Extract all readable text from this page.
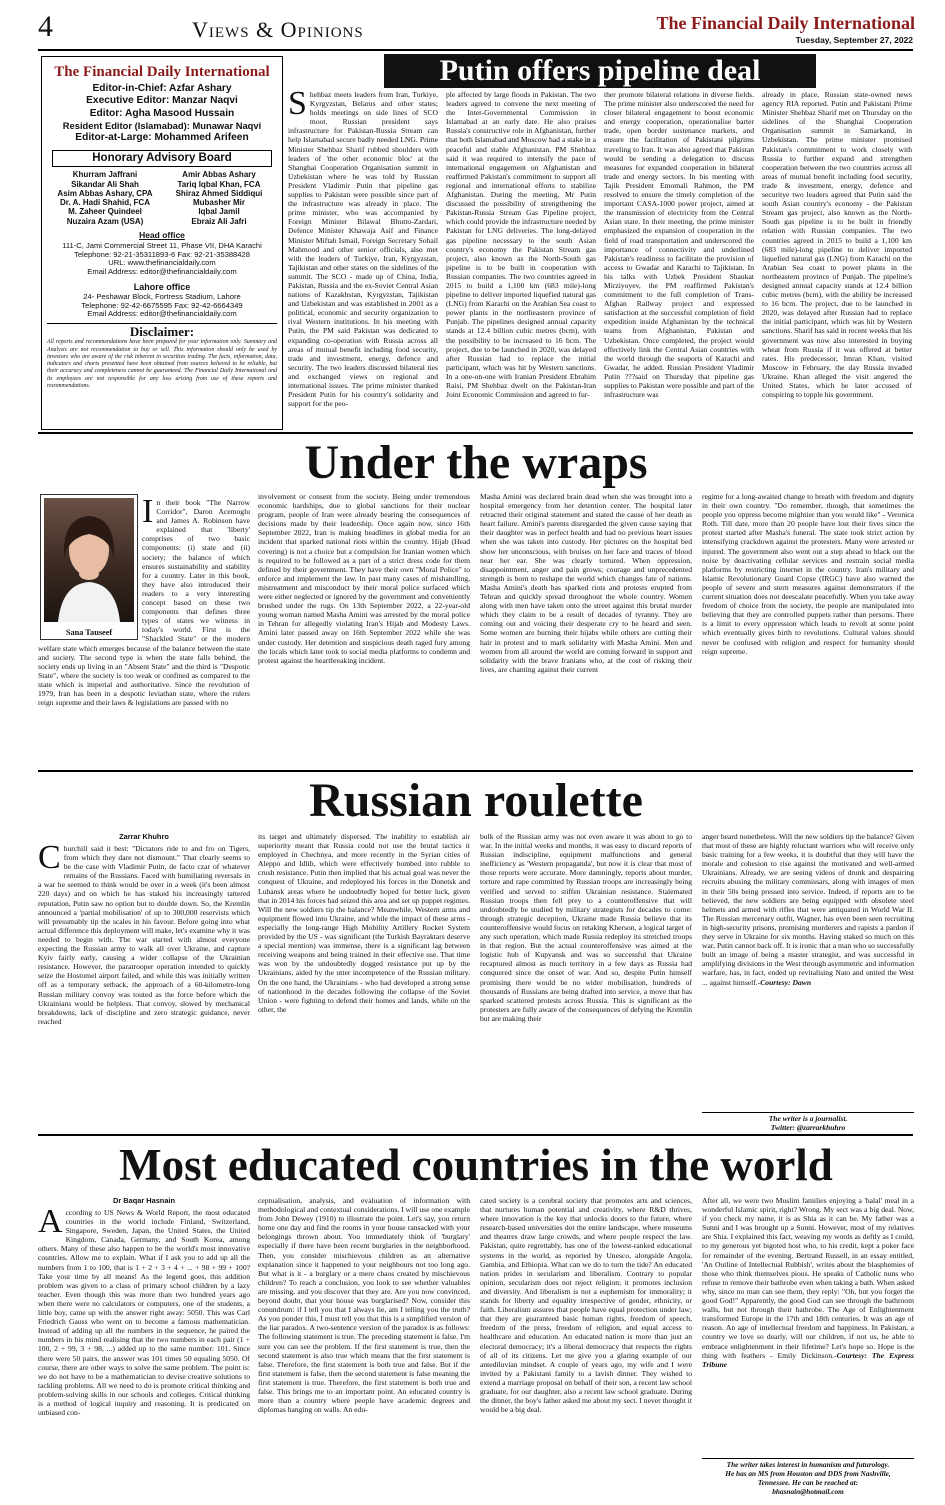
4	Views & Opinions	The Financial Daily International
Tuesday, September 27, 2022
The Financial Daily International
Editor-in-Chief: Azfar Ashary
Executive Editor: Manzar Naqvi
Editor: Agha Masood Hussain
Resident Editor (Islamabad): Munawar Naqvi
Editor-at-Large: Mohammed Arifeen
Honorary Advisory Board
Khurram Jaffrani
Sikandar Ali Shah
Asim Abbas Ashary, CPA
Dr. A. Hadi Shahid, FCA
M. Zaheer Quindeel
Nuzaira Azam (USA)
Amir Abbas Ashary
Tariq Iqbal Khan, FCA
Shiraz Ahmed Siddiqui
Mubasher Mir
Iqbal Jamil
Ebraiz Ali Jafri
Head office
111-C, Jami Commercial Street 11, Phase VII, DHA Karachi
Telephone: 92-21-35311893-6 Fax: 92-21-35388428
URL: www.thefinancialdaily.com
Email Address: editor@thefinancialdaily.com
Lahore office
24- Peshawar Block, Fortress Stadium, Lahore
Telephone: 92-42-6675595 Fax: 92-42-6664349
Email Address: editor@thefinancialdaily.com
Disclaimer:
All reports and recommendations have been prepared for your information only. Summary and Analysis are not recommendation to buy or sell. This information should only be used by investors who are aware of the risk inherent in securities trading. The facts, information, data, indicators and charts presented have been obtained from sources believed to be reliable, but their accuracy and completeness cannot be guaranteed. The Financial Daily International and its employees are not responsible for any loss arising from use of these reports and recommendations.
Putin offers pipeline deal
Shehbaz meets leaders from Iran, Turkiye, Kyrgyzstan, Belarus and other states; holds meetings on side lines of SCO moot. Russian president says infrastructure for Pakistan-Russia Stream can help Islamabad secure badly needed LNG. Prime Minister Shehbaz Sharif rubbed shoulders with leaders of 'the other economic bloc' at the Shanghai Cooperation Organisation summit in Uzbekistan where he was told by Russian President Vladimir Putin that pipeline gas supplies to Pakistan were possible since part of the infrastructure was already in place. The prime minister, who was accompanied by Foreign Minister Bilawal Bhutto-Zardari, Defence Minister Khawaja Asif and Finance Minister Miftah Ismail, Foreign Secretary Sohail Mahmood and other senior officials, also met with the leaders of Turkiye, Iran, Kyrgyzstan, Tajikistan and other states on the sidelines of the summit. The SCO - made up of China, India, Pakistan, Russia and the ex-Soviet Central Asian nations of Kazakhstan, Kyrgyzstan, Tajikistan and Uzbekistan and was established in 2001 as a political, economic and security organization to rival Western institutions. In his meeting with Putin, the PM said Pakistan was dedicated to expanding co-operation with Russia across all areas of mutual benefit including food security, trade and investment, energy, defence and security. The two leaders discussed bilateral ties and exchanged views on regional and international issues. The prime minister thanked President Putin for his country's solidarity and support for the peo-
ple affected by large floods in Pakistan. The two leaders agreed to convene the next meeting of the Inter-Governmental Commission in Islamabad at an early date. He also praises Russia's constructive role in Afghanistan, further that both Islamabad and Moscow had a stake in a peaceful and stable Afghanistan. PM Shehbaz said it was required to intensify the pace of international engagement on Afghanistan and reaffirmed Pakistan's commitment to support all regional and international efforts to stabilize Afghanistan. During the meeting, Mr Putin discussed the possibility of strengthening the Pakistan-Russia Stream Gas Pipeline project, which could provide the infrastructure needed by Pakistan for LNG deliveries. The long-delayed gas pipeline necessary to the south Asian country's economy the Pakistan Stream gas project, also known as the North-South gas pipeline is to be built in cooperation with Russian companies. The two countries agreed in 2015 to build a 1,100 km (683 mile)-long pipeline to deliver imported liquefied natural gas (LNG) from Karachi on the Arabian Sea coast to power plants in the northeastern province of Punjab. The pipelines designed annual capacity stands at 12.4 billion cubic metres (bcm), with the possibility to be increased to 16 bcm. The project, due to be launched in 2020, was delayed after Russian had to replace the initial participant, which was hit by Western sanctions. In a one-on-one with Iranian President Ebrahim Raisi, PM Shehbaz dwelt on the Pakistan-Iran Joint Economic Commission and agreed to fur-
ther promote bilateral relations in diverse fields. The prime minister also underscored the need for closer bilateral engagement to boost economic and energy cooperation, operationalise barter trade, open border sustenance markets, and ensure the facilitation of Pakistani pilgrims traveling to Iran. It was also agreed that Pakistan would be sending a delegation to discuss measures for expanded cooperation in bilateral trade and energy sectors. In his meeting with Tajik President Emomali Rahmon, the PM resolved to ensure the timely completion of the important CASA-1000 power project, aimed at the transmission of electricity from the Central Asian state. In their meeting, the prime minister emphasized the expansion of cooperation in the field of road transportation and underscored the importance of connectivity and underlined Pakistan's readiness to facilitate the provision of access to Gwadar and Karachi to Tajikistan. In his talks with Uzbek President Shaukat Mirziyoyev, the PM reaffirmed Pakistan's commitment to the full completion of Trans-Afghan Railway project and expressed satisfaction at the successful completion of field expedition inside Afghanistan by the technical teams from Afghanistan, Pakistan and Uzbekistan. Once completed, the project would effectively link the Central Asian countries with the world through the seaports of Karachi and Gwadar, he added. Russian President Vladimir Putin ???said on Thursday that pipeline gas supplies to Pakistan were possible and part of the infrastructure was
already in place, Russian state-owned news agency RIA reported. Putin and Pakistani Prime Minister Shehbaz Sharif met on Thursday on the sidelines of the Shanghai Cooperation Organisation summit in Samarkand, in Uzbekistan. The prime minister promised Pakistan's commitment to work closely with Russia to further expand and strengthen cooperation between the two countries across all areas of mutual benefit including food security, trade & investment, energy, defence and securitye two leaders agreed that Putin said the south Asian country's economy - the Pakistan Stream gas project, also known as the North-South gas pipeline is to be built in friendly relation with Russian companies. The two countries agreed in 2015 to build a 1,100 km (683 mile)-long pipeline to deliver imported liquefied natural gas (LNG) from Karachi on the Arabian Sea coast to power plants in the northeastern province of Punjab. The pipeline's designed annual capacity stands at 12.4 billion cubic metres (bcm), with the ability be increased to 16 bcm. The project, due to be launched in 2020, was delayed after Russian had to replace the initial participant, which was hit by Western sanctions. Sharif has said in recent weeks that his government was now also interested in buying wheat from Russia if it was offered at better rates. His predecessor, Imran Khan, visited Moscow in February, the day Russia invaded Ukraine. Khan alleged the visit angered the United States, which he later accused of conspiring to topple his government.
Under the wraps
Sana Tauseef
In their book "The Narrow Corridor", Daron Acemoglu and James A. Robinson have explained that 'liberty' comprises of two basic components: (i) state and (ii) society; the balance of which ensures sustainability and stability for a country. Later in this book, they have also introduced their readers to a very interesting concept based on these two components that defines three types of states we witness in today's world. First is the "Shackled State" or the modern welfare state which emerges because of the balance between the state and society. The second type is when the state falls behind, the society ends up living in an "Absent State" and the third is "Despotic State", where the society is too weak or confined as compared to the state which is imperial and authoritative. Since the revolution of 1979, Iran has been in a despotic leviathan state, where the rulers reign supreme and their laws & legislations are passed with no
involvement or consent from the society. Being under tremendous economic hardships, due to global sanctions for their nuclear program, people of Iran were already bearing the consequences of decisions made by their leadership. Once again now, since 16th September 2022, Iran is making headlines in global media for an incident that sparked national riots within the country. Hijab (Head covering) is not a choice but a compulsion for Iranian women which is required to be followed as a part of a strict dress code for them defined by their government. They have their own "Moral Police" to enforce and implement the law. In past many cases of mishandling, mistreatment and misconduct by their moral police surfaced which were either neglected or ignored by the government and conveniently brushed under the rugs. On 13th September 2022, a 22-year-old young woman named Masha Amini was arrested by the moral police in Tehran for allegedly violating Iran's Hijab and Modesty Laws. Amini later passed away on 16th September 2022 while she was under custody. Her detention and suspicious death raged fury among the locals which later took to social media platforms to condemn and protest against the heartbreaking incident.
Masha Amini was declared brain dead when she was brought into a hospital emergency from her detention center. The hospital later retracted their original statement and stated the cause of her death as heart failure. Amini's parents disregarded the given cause saying that their daughter was in perfect health and had no previous heart issues when she was taken into custody. Her pictures on the hospital bed show her unconscious, with bruises on her face and traces of blood near her ear. She was clearly tortured. When oppression, disappointment, anger and pain grows; courage and unprecedented strength is born to reshape the world which changes fate of nations. Masha Amini's death has sparked riots and protests erupted from Tehran and quickly spread throughout the whole country. Women along with men have taken onto the street against this brutal murder which they claim to be a result of decades of tyranny. They are coming out and voicing their desperate cry to be heard and seen. Some women are burning their hijabs while others are cutting their hair in protest and to mark solidarity with Masha Amini. Men and women from all around the world are coming forward in support and solidarity with the brave Iranians who, at the cost of risking their lives, are chanting against their current
regime for a long-awaited change to breath with freedom and dignity in their own country. "Do remember, though, that sometimes the people you oppress become mightier than you would like" - Veronica Roth. Till date, more than 20 people have lost their lives since the protest started after Masha's funeral. The state took strict action by intensifying crackdown against the protesters. Many were arrested or injured. The government also went out a step ahead to black out the noise by deactivating cellular services and restrain social media platforms by restricting internet in the country. Iran's military and Islamic Revolutionary Guard Copse (IRGC) have also warned the people of severe and stern measures against demonstrators if the current situation does not deescalate peacefully. When you take away freedom of choice from the society, the people are manipulated into believing that they are controlled puppets rather than persons. There is a limit to every oppression which leads to revolt at some point which eventually gives birth to revolutions. Cultural values should never be confused with religion and respect for humanity should reign supreme.
Russian roulette
Zarrar Khuhro
Churchill said it best: "Dictators ride to and fro on Tigers, from which they dare not dismount." That clearly seems to be the case with Vladimir Putin, de facto czar of whatever remains of the Russians. Faced with humiliating reversals in a war he seemed to think would be over in a week (it's been almost 220 days) and on which he has staked his increasingly tattered reputation, Putin saw no option but to double down. So, the Kremlin announced a 'partial mobilisation' of up to 300,000 reservists which will presumably tip the scales in his favour. Before going into what actual difference this deployment will make, let's examine why it was needed to begin with. The war started with almost everyone expecting the Russian army to walk all over Ukraine, and capture Kyiv fairly early, causing a wider collapse of the Ukrainian resistance. However, the paratrooper operation intended to quickly seize the Hostomel airport failed, and while this was initially written off as a temporary setback, the approach of a 60-kilometre-long Russian military convoy was touted as the force before which the Ukrainians would be helpless. That convoy, slowed by mechanical breakdowns, lack of discipline and zero strategic guidance, never reached
its target and ultimately dispersed. The inability to establish air superiority meant that Russia could not use the brutal tactics it employed in Chechnya, and more recently in the Syrian cities of Aleppo and Idlib, which were effectively bombed into rubble to crush resistance. Putin then implied that his actual goal was never the conquest of Ukraine, and redeployed his forces in the Donetsk and Luhansk areas where he undoubtedly hoped for better luck, given that in 2014 his forces had seized this area and set up puppet regimes. Will the new soldiers tip the balance? Meanwhile, Western arms and equipment flowed into Ukraine, and while the impact of these arms - especially the long-range High Mobility Artillery Rocket System provided by the US - was significant (the Turkish Bayraktars deserve a special mention) was immense, there is a significant lag between receiving weapons and being trained in their effective use. That time was won by the undoubtedly dogged resistance put up by the Ukrainians, aided by the utter incompetence of the Russian military. On the one hand, the Ukrainians - who had developed a strong sense of nationhood in the decades following the collapse of the Soviet Union - were fighting to defend their homes and lands, while on the other, the
bulk of the Russian army was not even aware it was about to go to war. In the initial weeks and months, it was easy to discard reports of Russian indiscipline, equipment malfunctions and general inefficiency as 'Western propaganda', but now it is clear that most of those reports were accurate. More damningly, reports about murder, torture and rape committed by Russian troops are increasingly being verified and served to stiffen Ukrainian resistance. Stalemated Russian troops then fell prey to a counteroffensive that will undoubtedly be studied by military strategists for decades to come: through strategic deception, Ukraine made Russia believe that its counteroffensive would focus on retaking Kherson, a logical target of any such operation, which made Russia redeploy its stretched troops in that region. But the actual counteroffensive was aimed at the logistic hub of Kupyansk and was so successful that Ukraine recaptured almost as much territory in a few days as Russia had conquered since the onset of war. And so, despite Putin himself promising there would be no wider mobilisation, hundreds of thousands of Russians are being drafted into service, a move that has sparked scattered protests across Russia. This is significant as the protesters are fully aware of the consequences of defying the Kremlin but are making their
anger heard nonetheless. Will the new soldiers tip the balance? Given that most of these are highly reluctant warriors who will receive only basic training for a few weeks, it is doubtful that they will have the morale and cohesion to rise against the motivated and well-armed Ukrainians. Already, we are seeing videos of drunk and despairing recruits abusing the military commissars, along with images of men in their 50s being pressed into service. Indeed, if reports are to be believed, the new soldiers are being equipped with obsolete steel helmets and armed with rifles that were antiquated in World War II. The Russian mercenary outfit, Wagner, has even been seen recruiting in high-security prisons, promising murderers and rapists a pardon if they serve in Ukraine for six months. Having staked so much on this war, Putin cannot back off. It is ironic that a man who so successfully built an image of being a master strategist, and was successful in amplifying divisions in the West through asymmetric and information warfare, has, in fact, ended up revitalising Nato and united the West ... against himself.-Courtesy: Dawn
The writer is a journalist.
Twitter: @zarrarkhuhro
Most educated countries in the world
Dr Baqar Hasnain
According to US News & World Report, the most educated countries in the world include Finland, Switzerland, Singapore, Sweden, Japan, the United States, the United Kingdom, Canada, Germany, and South Korea, among others. Many of these also happen to be the world's most innovative countries. Allow me to explain. What if I ask you to add up all the numbers from 1 to 100, that is 1 + 2 + 3 + 4 + ... + 98 + 99 + 100? Take your time by all means! As the legend goes, this addition problem was given to a class of primary school children by a lazy teacher. Even though this was more than two hundred years ago when there were no calculators or computers, one of the students, a little boy, came up with the answer right away: 5050. This was Carl Friedrich Gauss who went on to become a famous mathematician. Instead of adding up all the numbers in the sequence, he paired the numbers in his mind realising that the two numbers in each pair (1 + 100, 2 + 99, 3 + 98, ...) added up to the same number: 101. Since there were 50 pairs, the answer was 101 times 50 equaling 5050. Of course, there are other ways to solve the same problem. The point is: we do not have to be a mathematician to devise creative solutions to tackling problems. All we need to do is promote critical thinking and problem-solving skills in our schools and colleges. Critical thinking is a method of logical inquiry and reasoning. It is predicated on unbiased con-
ceptualisation, analysis, and evaluation of information with methodological and contextual considerations. I will use one example from John Dewey (1910) to illustrate the point. Let's say, you return home one day and find the rooms in your house ransacked with your belongings thrown about. You immediately think of 'burglary' especially if there have been recent burglaries in the neighborhood. Then, you consider mischievous children as an alternative explanation since it happened to your neighbours not too long ago. But what is it - a burglary or a mere chaos created by mischievous children? To reach a conclusion, you look to see whether valuables are missing, and you discover that they are. Are you now convinced, beyond doubt, that your house was burglarised? Now, consider this conundrum: if I tell you that I always lie, am I telling you the truth? As you ponder this, I must tell you that this is a simplified version of the liar paradox. A two-sentence version of the paradox is as follows: The following statement is true. The preceding statement is false. I'm sure you can see the problem. If the first statement is true, then the second statement is also true which means that the first statement is false. Therefore, the first statement is both true and false. But if the first statement is false, then the second statement is false meaning the first statement is true. Therefore, the first statement is both true and false. This brings me to an important point. An educated country is more than a country where people have academic degrees and diplomas hanging on walls. An edu-
cated society is a cerebral society that promotes arts and sciences, that nurtures human potential and creativity, where R&D thrives, where innovation is the key that unlocks doors to the future, where research-based universities dot the entire landscape, where museums and theatres draw large crowds, and where people respect the law. Pakistan, quite regrettably, has one of the lowest-ranked educational systems in the world, as reported by Unesco, alongside Angola, Gambia, and Ethiopia. What can we do to turn the tide? An educated nation prides in secularism and liberalism. Contrary to popular opinion, secularism does not reject religion; it promotes inclusion and diversity. And liberalism is not a euphemism for immorality; it stands for liberty and equality irrespective of gender, ethnicity, or faith. Liberalism assures that people have equal protection under law; that they are guaranteed basic human rights, freedom of speech, freedom of the press, freedom of religion, and equal access to healthcare and education. An educated nation is more than just an electoral democracy; it's a liberal democracy that respects the rights of all of its citizens. Let me give you a glaring example of our antediluvian mindset. A couple of years ago, my wife and I were invited by a Pakistani family to a lavish dinner. They wished to extend a marriage proposal on behalf of their son, a recent law school graduate, for our daughter, also a recent law school graduate. During the dinner, the boy's father asked me about my sect. I never thought it would be a big deal.
After all, we were two Muslim families enjoying a 'halal' meal in a wonderful Islamic spirit, right? Wrong. My sect was a big deal. Now, if you check my name, it is as Shia as it can be. My father was a Sunni and I was brought up a Sunni. However, most of my relatives are Shia. I explained this fact, weaving my words as deftly as I could, to my generous yet bigoted host who, to his credit, kept a poker face for remainder of the evening. Bertrand Russell, in an essay entitled, 'An Outline of Intellectual Rubbish', writes about the blasphemies of those who think themselves pious. He speaks of Catholic nuns who refuse to remove their bathrobe even when taking a bath. When asked why, since no man can see them, they reply: "Oh, but you forget the good God!" Apparently, the good God can see through the bathroom walls, but not through their bathrobe. The Age of Enlightenment transformed Europe in the 17th and 18th centuries. It was an age of reason. An age of intellectual freedom and happiness. In Pakistan, a country we love so dearly, will our children, if not us, be able to embrace enlightenment in their lifetime? Let's hope so. Hope is the thing with feathers - Emily Dickinson.-Courtesy: The Express Tribune
The writer takes interest in humanism and futurology.
He has an MS from Houston and DDS from Nashville,
Tennessee. He can be reached at:
bhasnain@hotmail.com
